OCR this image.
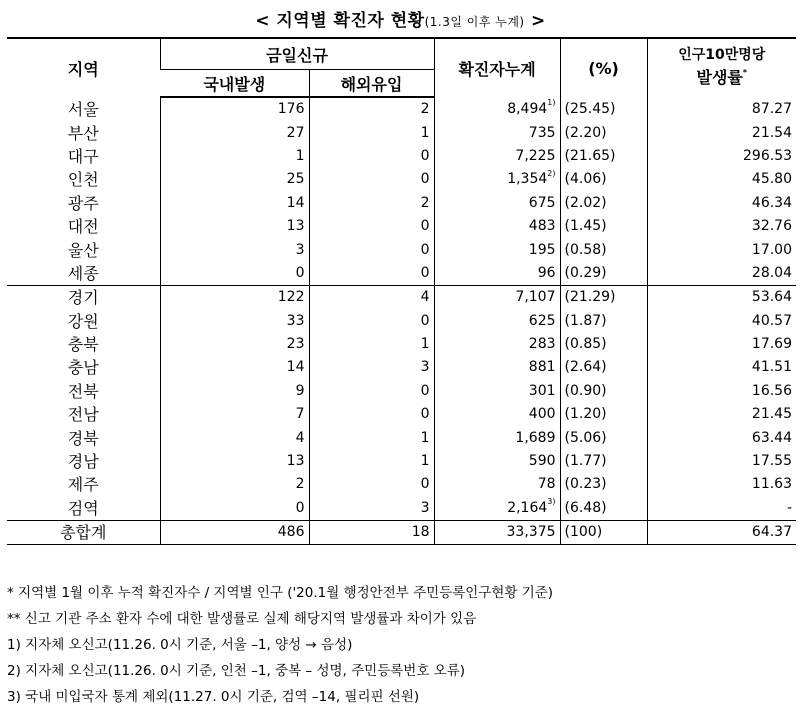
< 지역별 확진자 현황(1.3일 이후 누계) >
지역	금일신규		확진자누계	(%)	인구10만명당
발생률*

	국내발생	해외유입			
서울	176	2	8,494$^{1)}$	(25.45)	87.27
부산	27	1	735	(2.20)	21.54
대구	1	0	7,225	(21.65)	296.53
인천	25	0	1,354$^{2)}$	(4.06)	45.80
광주	14	2	675	(2.02)	46.34
대전	13	0	483	(1.45)	32.76
울산	3	0	195	(0.58)	17.00
세종	0	0	96	(0.29)	28.04
경기	122	4	7,107	(21.29)	53.64
강원	33	0	625	(1.87)	40.57
충북	23	1	283	(0.85)	17.69
충남	14	3	881	(2.64)	41.51
전북	9	0	301	(0.90)	16.56
전남	7	0	400	(1.20)	21.45
경북	4	1	1,689	(5.06)	63.44
경남	13	1	590	(1.77)	17.55
제주	2	0	78	(0.23)	11.63
검역	0	3	2,164$^{3)}$	(6.48)	-
총합계	486	18	33,375	(100)	64.37
* 지역별 1월 이후 누적 확진자수 / 지역별 인구 ('20.1월 행정안전부 주민등록인구현황 기준)
** 신고 기관 주소 환자 수에 대한 발생률로 실제 해당지역 발생률과 차이가 있음
1) 지자체 오신고(11.26. 0시 기준, 서울 –1, 양성 → 음성)
2) 지자체 오신고(11.26. 0시 기준, 인천 –1, 중복 – 성명, 주민등록번호 오류)
3) 국내 미입국자 통계 제외(11.27. 0시 기준, 검역 –14, 필리핀 선원)
